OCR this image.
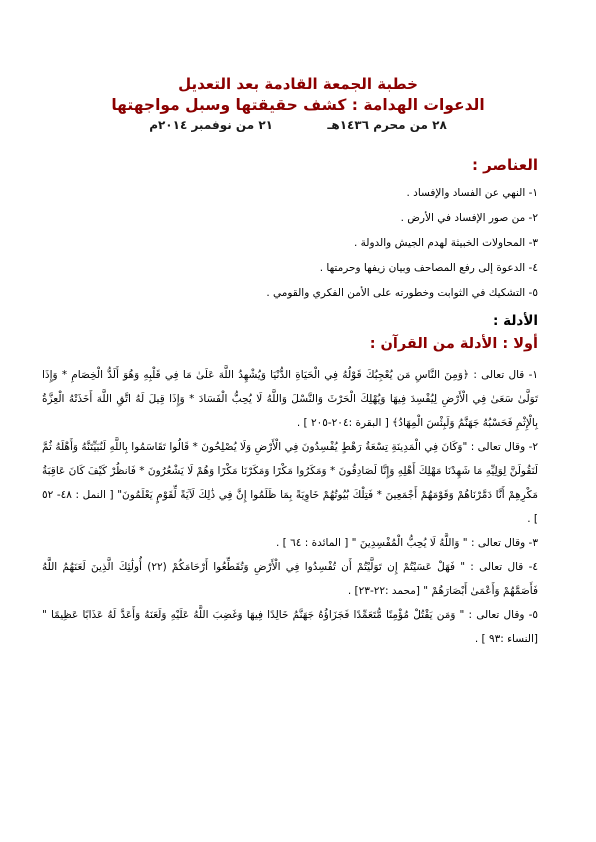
خطبة الجمعة القادمة بعد التعديل
الدعوات الهدامة : كشف حقيقتها وسبل مواجهتها
٢٨ من محرم ١٤٣٦هـ             ٢١ من نوفمبر ٢٠١٤م
العناصر :
١- النهي عن الفساد والإفساد .
٢- من صور الإفساد في الأرض .
٣- المحاولات الخبيثة لهدم الجيش والدولة .
٤- الدعوة إلى رفع المصاحف وبيان زيفها وحرمتها .
٥- التشكيك في الثوابت وخطورته على الأمن الفكري والقومي .
الأدلة :
أولا : الأدلة من القرآن :

١- قال تعالى : ﴿وَمِنَ النَّاسِ مَن يُعْجِبُكَ قَوْلُهُ فِي الْحَيَاةِ الدُّنْيَا وَيُشْهِدُ اللَّهَ عَلَىٰ مَا فِي قَلْبِهِ وَهُوَ أَلَدُّ الْخِصَامِ * وَإِذَا تَوَلَّىٰ سَعَىٰ فِي الْأَرْضِ لِيُفْسِدَ فِيهَا وَيُهْلِكَ الْحَرْثَ وَالنَّسْلَ وَاللَّهُ لَا يُحِبُّ الْفَسَادَ * وَإِذَا قِيلَ لَهُ اتَّقِ اللَّهَ أَخَذَتْهُ الْعِزَّةُ بِالْإِثْمِ فَحَسْبُهُ جَهَنَّمُ وَلَبِئْسَ الْمِهَادُ﴾ [ البقرة :٢٠٤-٢٠٥ ] .

٢- وقال تعالى : "وَكَانَ فِي الْمَدِينَةِ تِسْعَةُ رَهْطٍ يُفْسِدُونَ فِي الْأَرْضِ وَلَا يُصْلِحُونَ * قَالُوا تَقَاسَمُوا بِاللَّهِ لَنُبَيِّتَنَّهُ وَأَهْلَهُ ثُمَّ لَنَقُولَنَّ لِوَلِيِّهِ مَا شَهِدْنَا مَهْلِكَ أَهْلِهِ وَإِنَّا لَصَادِقُونَ * وَمَكَرُوا مَكْرًا وَمَكَرْنَا مَكْرًا وَهُمْ لَا يَشْعُرُونَ * فَانظُرْ كَيْفَ كَانَ عَاقِبَةُ مَكْرِهِمْ أَنَّا دَمَّرْنَاهُمْ وَقَوْمَهُمْ أَجْمَعِينَ * فَتِلْكَ بُيُوتُهُمْ خَاوِيَةً بِمَا ظَلَمُوا إِنَّ فِي ذَٰلِكَ لَآيَةً لِّقَوْمٍ يَعْلَمُونَ" [ النمل : ٤٨- ٥٢ ] .

٣- وقال تعالى : " وَاللَّهُ لَا يُحِبُّ الْمُفْسِدِينَ " [ المائدة : ٦٤ ] .

٤- قال تعالى : " فَهَلْ عَسَيْتُمْ إِن تَوَلَّيْتُمْ أَن تُفْسِدُوا فِي الْأَرْضِ وَتُقَطِّعُوا أَرْحَامَكُمْ (٢٢) أُولَٰئِكَ الَّذِينَ لَعَنَهُمُ اللَّهُ فَأَصَمَّهُمْ وَأَعْمَىٰ أَبْصَارَهُمْ " [محمد :٢٢-٢٣] .

٥- وقال تعالى : " وَمَن يَقْتُلْ مُؤْمِنًا مُّتَعَمِّدًا فَجَزَاؤُهُ جَهَنَّمُ خَالِدًا فِيهَا وَغَضِبَ اللَّهُ عَلَيْهِ وَلَعَنَهُ وَأَعَدَّ لَهُ عَذَابًا عَظِيمًا " [النساء :٩٣ ] .
